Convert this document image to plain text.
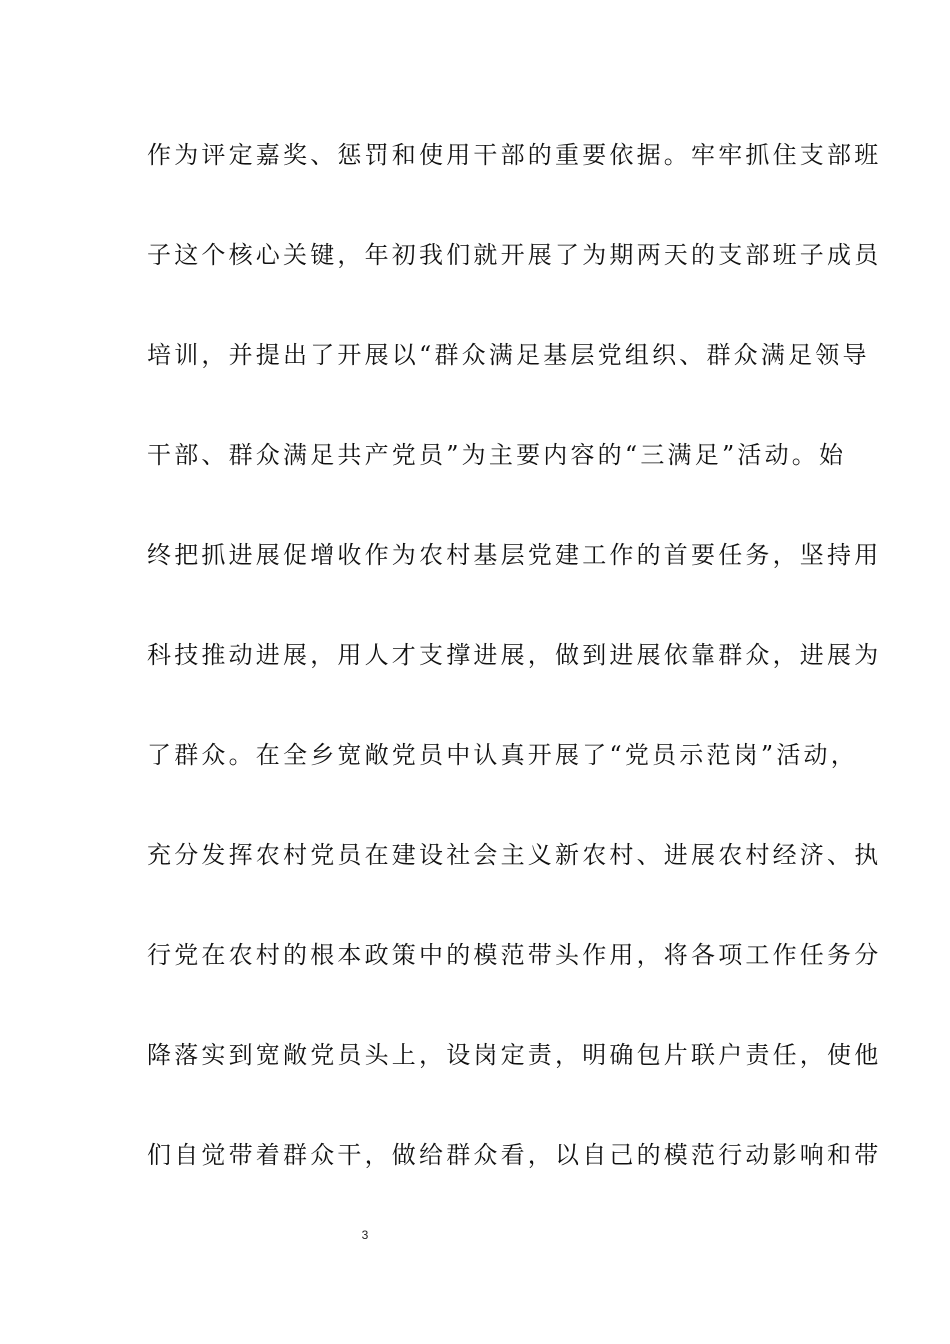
作为评定嘉奖、惩罚和使用干部的重要依据。牢牢抓住支部班
子这个核心关键，年初我们就开展了为期两天的支部班子成员
培训，并提出了开展以“群众满足基层党组织、群众满足领导
干部、群众满足共产党员”为主要内容的“三满足”活动。始
终把抓进展促增收作为农村基层党建工作的首要任务，坚持用
科技推动进展，用人才支撑进展，做到进展依靠群众，进展为
了群众。在全乡宽敞党员中认真开展了“党员示范岗”活动，
充分发挥农村党员在建设社会主义新农村、进展农村经济、执
行党在农村的根本政策中的模范带头作用，将各项工作任务分
降落实到宽敞党员头上，设岗定责，明确包片联户责任，使他
们自觉带着群众干，做给群众看，以自己的模范行动影响和带
3
